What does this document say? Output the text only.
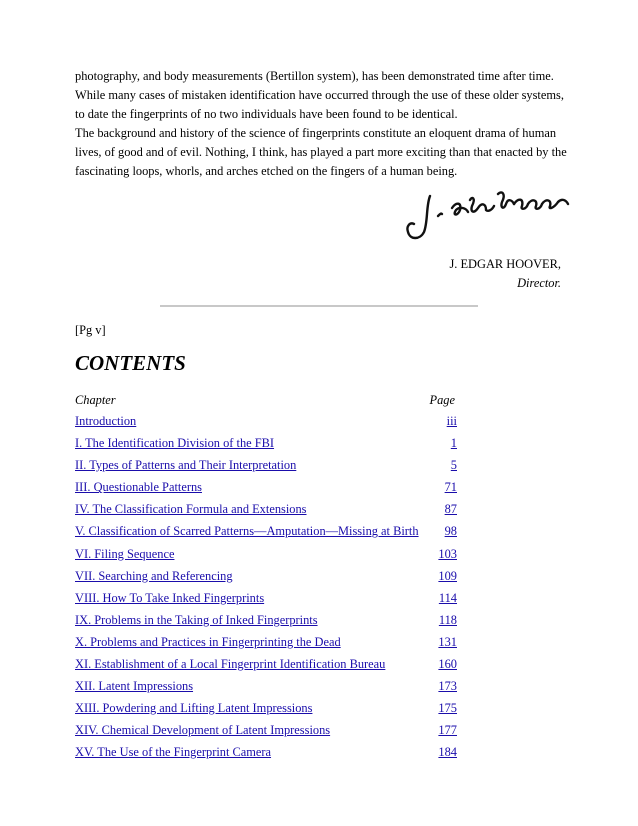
photography, and body measurements (Bertillon system), has been demonstrated time after time. While many cases of mistaken identification have occurred through the use of these older systems, to date the fingerprints of no two individuals have been found to be identical.

The background and history of the science of fingerprints constitute an eloquent drama of human lives, of good and of evil. Nothing, I think, has played a part more exciting than that enacted by the fascinating loops, whorls, and arches etched on the fingers of a human being.

J. EDGAR HOOVER,
Director.
[Pg v]
CONTENTS
Chapter	Page
Introduction	iii
I. The Identification Division of the FBI	1
II. Types of Patterns and Their Interpretation	5
III. Questionable Patterns	71
IV. The Classification Formula and Extensions	87
V. Classification of Scarred Patterns—Amputation—Missing at Birth 98
VI. Filing Sequence	103
VII. Searching and Referencing	109
VIII. How To Take Inked Fingerprints	114
IX. Problems in the Taking of Inked Fingerprints	118
X. Problems and Practices in Fingerprinting the Dead	131
XI. Establishment of a Local Fingerprint Identification Bureau	160
XII. Latent Impressions	173
XIII. Powdering and Lifting Latent Impressions	175
XIV. Chemical Development of Latent Impressions	177
XV. The Use of the Fingerprint Camera	184
